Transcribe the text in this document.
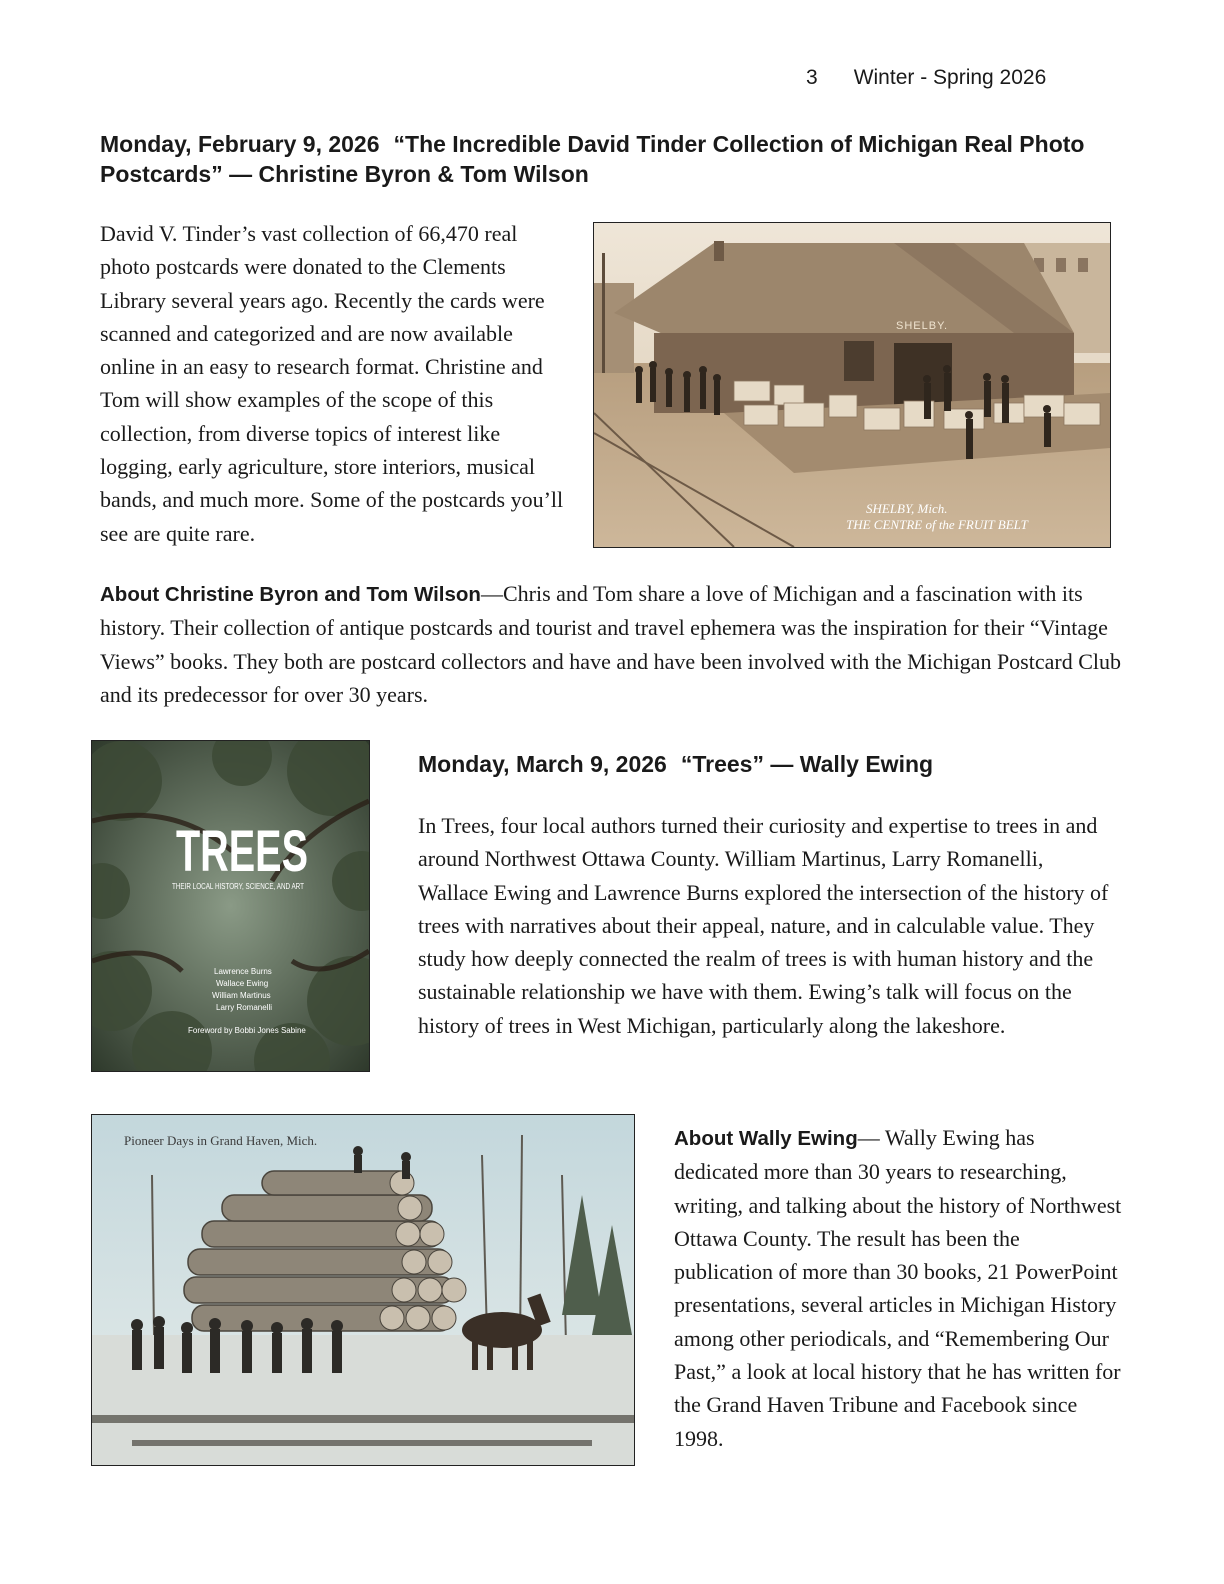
3 Winter - Spring 2026
Monday, February 9, 2026 “The Incredible David Tinder Collection of Michigan Real Photo Postcards” — Christine Byron & Tom Wilson
David V. Tinder’s vast collection of 66,470 real photo postcards were donated to the Clements Library several years ago. Recently the cards were scanned and categorized and are now available online in an easy to research format. Christine and Tom will show examples of the scope of this collection, from diverse topics of interest like logging, early agriculture, store interiors, musical bands, and much more. Some of the postcards you’ll see are quite rare.
SHELBY.
SHELBY, Mich.
THE CENTRE of the FRUIT BELT
About Christine Byron and Tom Wilson—Chris and Tom share a love of Michigan and a fascination with its history. Their collection of antique postcards and tourist and travel ephemera was the inspiration for their “Vintage Views” books. They both are postcard collectors and have and have been involved with the Michigan Postcard Club and its predecessor for over 30 years.
TREES
THEIR LOCAL HISTORY, SCIENCE, AND ART
Lawrence Burns
Wallace Ewing
William Martinus
Larry Romanelli
Foreword by Bobbi Jones Sabine
Monday, March 9, 2026 “Trees” — Wally Ewing
In Trees, four local authors turned their curiosity and expertise to trees in and around Northwest Ottawa County. William Martinus, Larry Romanelli, Wallace Ewing and Lawrence Burns explored the intersection of the history of trees with narratives about their appeal, nature, and in calculable value. They study how deeply connected the realm of trees is with human history and the sustainable relationship we have with them. Ewing’s talk will focus on the history of trees in West Michigan, particularly along the lakeshore.
Pioneer Days in Grand Haven, Mich.	About Wally Ewing— Wally Ewing has dedicated more than 30 years to researching, writing, and talking about the history of Northwest Ottawa County. The result has been the publication of more than 30 books, 21 PowerPoint presentations, several articles in Michigan History among other periodicals, and “Remembering Our Past,” a look at local history that he has written for the Grand Haven Tribune and Facebook since 1998.
